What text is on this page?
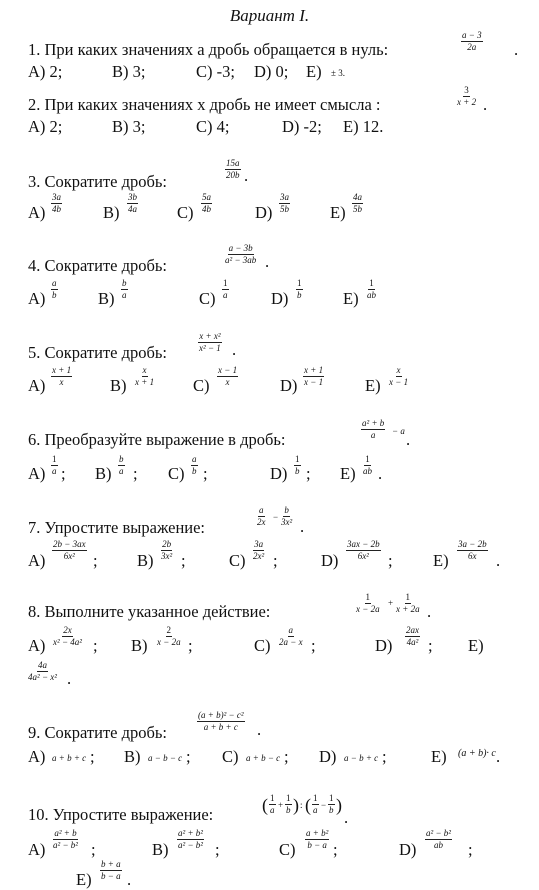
Вариант I.
1. При каких значениях a дробь обращается в нуль:	$\frac{a - 3}{2a}$ .
А) 2;	В) 3;	С) -3; D) 0; E) ± 3.
2. При каких значениях x дробь не имеет смысла :	$\frac{3}{x + 2}$ .
А) 2;	В) 3;	С) 4;	D) -2; E) 12.
3. Сократите дробь:
$\frac{15a}{20b}$ .
$А) \frac{3a}{4b} В) \frac{3b}{4a} С) \frac{5a}{4b}$	$D) \frac{3a}{5b} E) \frac{4a}{5b}$
4. Сократите дробь:
$\frac{a - 3b}{\text{a² − 3ab}}$ .
$А) \frac{a}{b} В) \frac{b}{a}$	$С) \frac{1}{a}$	$D) \frac{1}{b} E) \frac{1}{ab}$
5. Сократите дробь:	$\frac{\text{x + x²}}{\text{x² − 1}}$ .
$А) \frac{x + 1}{x} В) \frac{x}{x + 1} С) \frac{x - 1}{x}$	$D) \frac{x + 1}{x - 1} E) \frac{x}{x - 1}$
6. Преобразуйте выражение в дробь:	$\frac{\text{a² + b}}{a} - a$ .
$А) \frac{1}{a}$ ; $В) \frac{b}{a}$ ; $С) \frac{a}{b}$ ;	$D) \frac{1}{b}$ ; $E) \frac{1}{ab}$ .
7. Упростите выражение:
$\frac{a}{2x} - \frac{b}{\text{3x²}}$ .
$А) \frac{2b - 3ax}{\text{6x²}}$ ; $В) \frac{2b}{\text{3x²}}$ ;	$С) \frac{3a}{\text{2x²}}$ ;	$D) \frac{3ax - 2b}{\text{6x²}}$ ; $E) \frac{3a - 2b}{6x}$ .
8. Выполните указанное действие:	$\frac{1}{x - 2a} + \frac{1}{x + 2a}$ .
$А) \frac{2x}{\text{x² − 4a²}}$ ; $В) \frac{2}{x - 2a}$ ;	$С) \frac{a}{2a - x}$ ;	$D) \frac{2ax}{\text{4a²}}$ ; E)
$\frac{4a}{\text{4a² − x²}}$ .
9. Сократите дробь:
$\frac{\text{(a + b)² − c²}}{a + b + c}$ .
А) a + b + c ; В) a − b − c ; С) a + b − c ; D) a − b + c ;	E) (a + b)· c .
10. Упростите выражение:	( $\frac{1}{a} + \frac{1}{b}$ ) : ( $\frac{1}{a} - \frac{1}{b}$ )
.
$А) \frac{\text{a² + b}}{\text{a² − b²}}$ ;	$В) \frac{\text{a² + b²}}{\text{a² − b²}}$ ;	$С) \frac{\text{a + b²}}{b - a}$ ;	$D) \frac{\text{a² − b²}}{ab}$ ;
$E) \frac{b + a}{b - a}$ .
